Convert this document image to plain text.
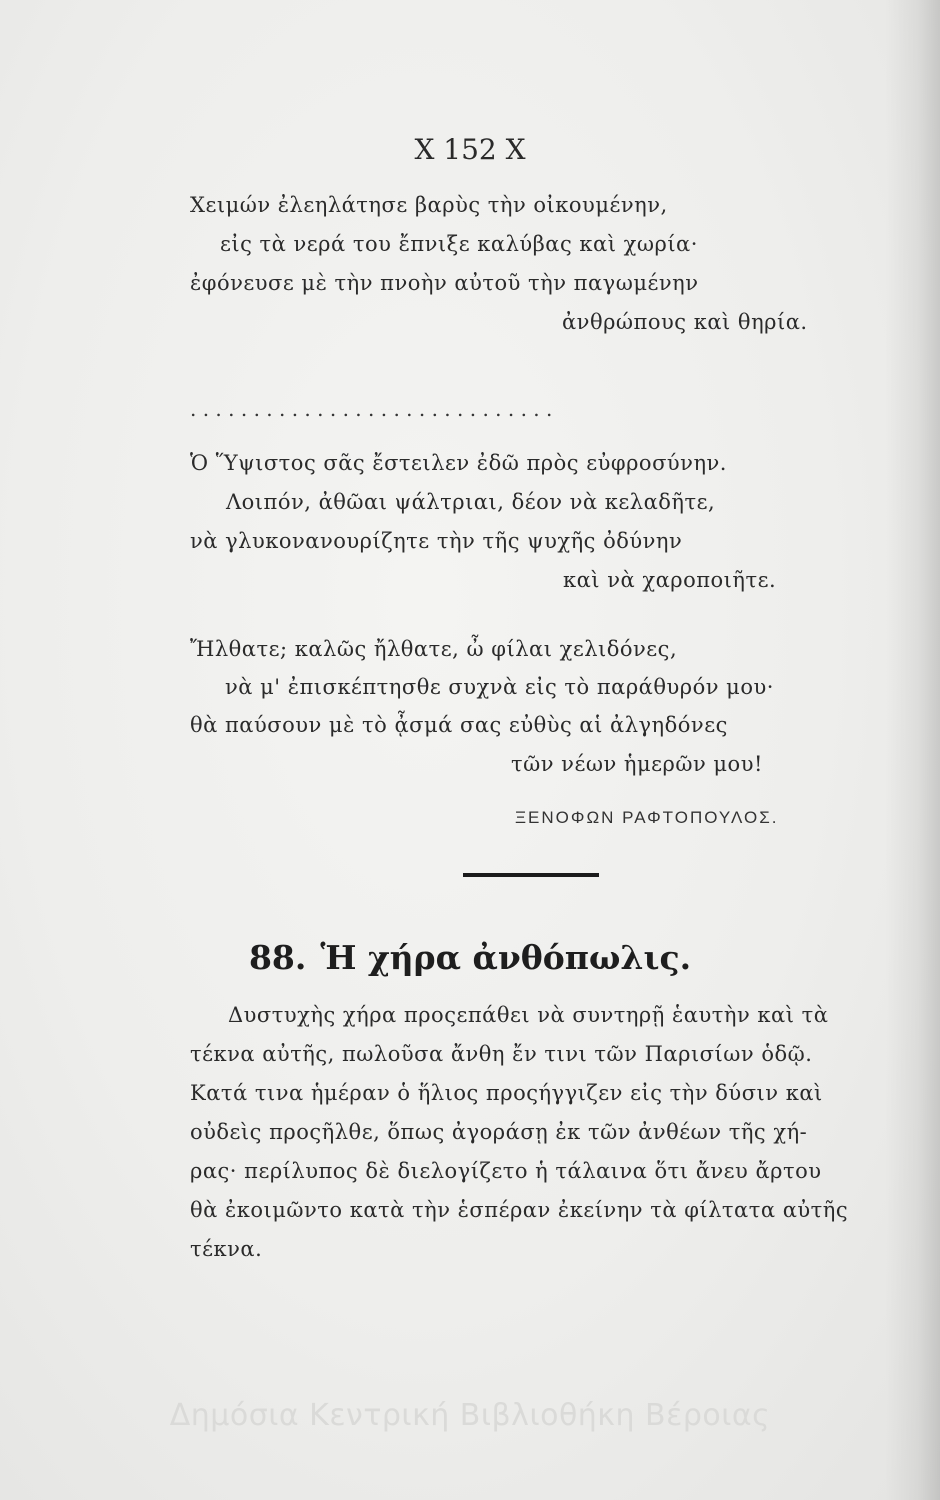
X 152 X
Χειμών ἐλεηλάτησε βαρὺς τὴν οἰκουμένην,
εἰς τὰ νερά του ἔπνιξε καλύβας καὶ χωρία·
ἐφόνευσε μὲ τὴν πνοὴν αὐτοῦ τὴν παγωμένην
ἀνθρώπους καὶ θηρία.
. . . . . . . . . . . . . . . . . . . . . . . . . . . . .
Ὁ Ὕψιστος σᾶς ἔστειλεν ἐδῶ πρὸς εὐφροσύνην.
Λοιπόν, ἀθῶαι ψάλτριαι, δέον νὰ κελαδῆτε,
νὰ γλυκονανουρίζητε τὴν τῆς ψυχῆς ὀδύνην
καὶ νὰ χαροποιῆτε.
Ἤλθατε; καλῶς ἤλθατε, ὦ φίλαι χελιδόνες,
νὰ μ' ἐπισκέπτησθε συχνὰ εἰς τὸ παράθυρόν μου·
θὰ παύσουν μὲ τὸ ᾆσμά σας εὐθὺς αἱ ἀλγηδόνες
τῶν νέων ἡμερῶν μου!
ΞΕΝΟΦΩΝ ΡΑΦΤΟΠΟΥΛΟΣ.
88. Ἡ χήρα ἀνθόπωλις.
Δυστυχὴς χήρα προςεπάθει νὰ συντηρῇ ἑαυτὴν καὶ τὰ
τέκνα αὐτῆς, πωλοῦσα ἄνθη ἔν τινι τῶν Παρισίων ὁδῷ.
Κατά τινα ἡμέραν ὁ ἥλιος προςήγγιζεν εἰς τὴν δύσιν καὶ
οὐδεὶς προςῆλθε, ὅπως ἀγοράσῃ ἐκ τῶν ἀνθέων τῆς χή-
ρας· περίλυπος δὲ διελογίζετο ἡ τάλαινα ὅτι ἄνευ ἄρτου
θὰ ἐκοιμῶντο κατὰ τὴν ἑσπέραν ἐκείνην τὰ φίλτατα αὐτῆς
τέκνα.
Δημόσια Κεντρική Βιβλιοθήκη Βέροιας
